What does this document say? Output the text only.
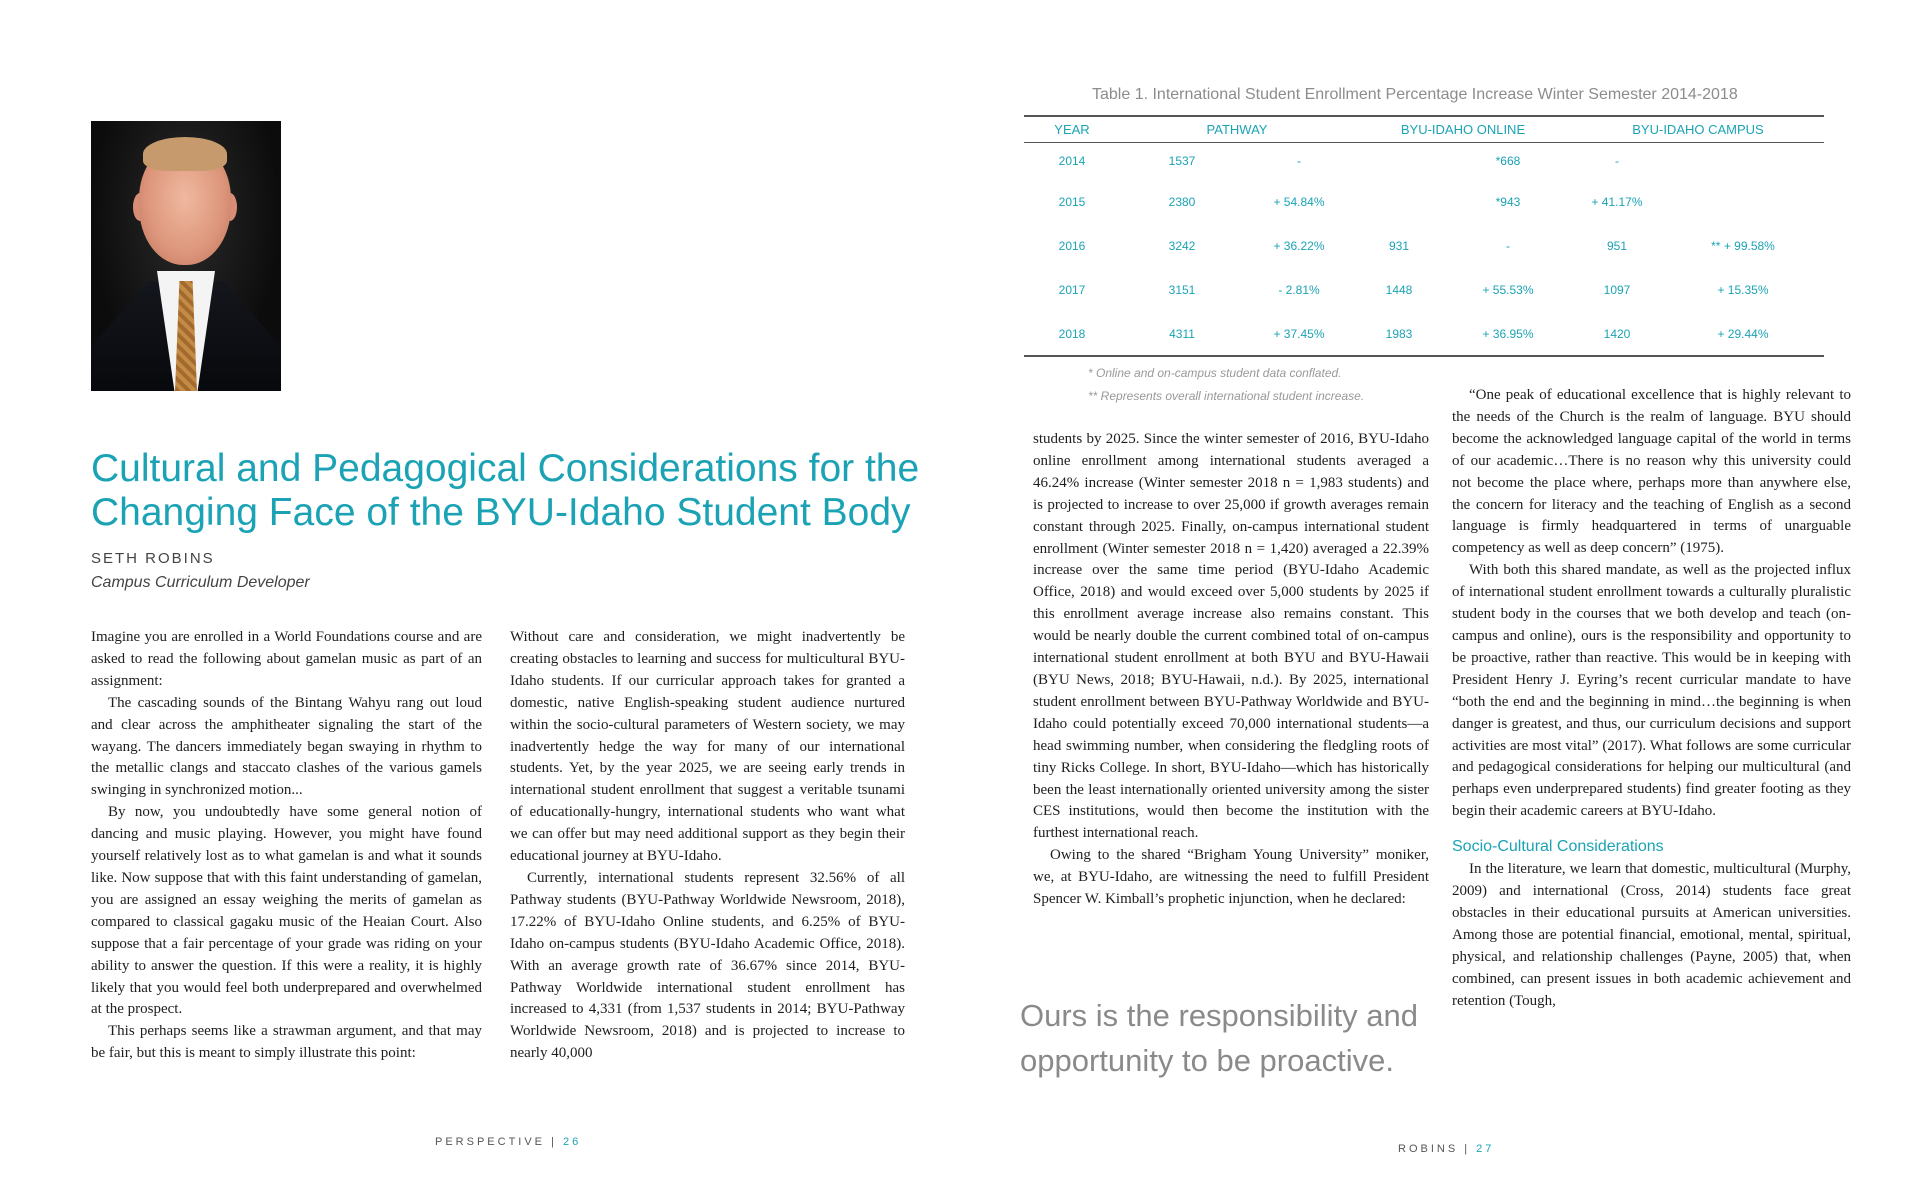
Cultural and Pedagogical Considerations for the Changing Face of the BYU-Idaho Student Body
SETH ROBINS
Campus Curriculum Developer

Imagine you are enrolled in a World Foundations course and are asked to read the following about gamelan music as part of an assignment:

The cascading sounds of the Bintang Wahyu rang out loud and clear across the amphitheater signaling the start of the wayang. The dancers immediately began swaying in rhythm to the metallic clangs and staccato clashes of the various gamels swinging in synchronized motion...

By now, you undoubtedly have some general notion of dancing and music playing. However, you might have found yourself relatively lost as to what gamelan is and what it sounds like. Now suppose that with this faint understanding of gamelan, you are assigned an essay weighing the merits of gamelan as compared to classical gagaku music of the Heaian Court. Also suppose that a fair percentage of your grade was riding on your ability to answer the question. If this were a reality, it is highly likely that you would feel both underprepared and overwhelmed at the prospect.

This perhaps seems like a strawman argument, and that may be fair, but this is meant to simply illustrate this point:

Without care and consideration, we might inadvertently be creating obstacles to learning and success for multicultural BYU-Idaho students. If our curricular approach takes for granted a domestic, native English-speaking student audience nurtured within the socio-cultural parameters of Western society, we may inadvertently hedge the way for many of our international students. Yet, by the year 2025, we are seeing early trends in international student enrollment that suggest a veritable tsunami of educationally-hungry, international students who want what we can offer but may need additional support as they begin their educational journey at BYU-Idaho.

Currently, international students represent 32.56% of all Pathway students (BYU-Pathway Worldwide Newsroom, 2018), 17.22% of BYU-Idaho Online students, and 6.25% of BYU-Idaho on-campus students (BYU-Idaho Academic Office, 2018). With an average growth rate of 36.67% since 2014, BYU-Pathway Worldwide international student enrollment has increased to 4,331 (from 1,537 students in 2014; BYU-Pathway Worldwide Newsroom, 2018) and is projected to increase to nearly 40,000

PERSPECTIVE | 26
Table 1. International Student Enrollment Percentage Increase Winter Semester 2014-2018
YEAR	PATHWAY		BYU-IDAHO ONLINE		BYU-IDAHO CAMPUS	
2014	1537	-		*668	-	
2015	2380	+ 54.84%		*943	+ 41.17%	
2016	3242	+ 36.22%	931	-	951	** + 99.58%
2017	3151	- 2.81%	1448	+ 55.53%	1097	+ 15.35%
2018	4311	+ 37.45%	1983	+ 36.95%	1420	+ 29.44%
* Online and on-campus student data conflated.
** Represents overall international student increase.

students by 2025. Since the winter semester of 2016, BYU-Idaho online enrollment among international students averaged a 46.24% increase (Winter semester 2018 n = 1,983 students) and is projected to increase to over 25,000 if growth averages remain constant through 2025. Finally, on-campus international student enrollment (Winter semester 2018 n = 1,420) averaged a 22.39% increase over the same time period (BYU-Idaho Academic Office, 2018) and would exceed over 5,000 students by 2025 if this enrollment average increase also remains constant. This would be nearly double the current combined total of on-campus international student enrollment at both BYU and BYU-Hawaii (BYU News, 2018; BYU-Hawaii, n.d.). By 2025, international student enrollment between BYU-Pathway Worldwide and BYU-Idaho could potentially exceed 70,000 international students—a head swimming number, when considering the fledgling roots of tiny Ricks College. In short, BYU-Idaho—which has historically been the least internationally oriented university among the sister CES institutions, would then become the institution with the furthest international reach.

Owing to the shared “Brigham Young University” moniker, we, at BYU-Idaho, are witnessing the need to fulfill President Spencer W. Kimball’s prophetic injunction, when he declared:

Ours is the responsibility and opportunity to be proactive.

“One peak of educational excellence that is highly relevant to the needs of the Church is the realm of language. BYU should become the acknowledged language capital of the world in terms of our academic…There is no reason why this university could not become the place where, perhaps more than anywhere else, the concern for literacy and the teaching of English as a second language is firmly headquartered in terms of unarguable competency as well as deep concern” (1975).

With both this shared mandate, as well as the projected influx of international student enrollment towards a culturally pluralistic student body in the courses that we both develop and teach (on-campus and online), ours is the responsibility and opportunity to be proactive, rather than reactive. This would be in keeping with President Henry J. Eyring’s recent curricular mandate to have “both the end and the beginning in mind…the beginning is when danger is greatest, and thus, our curriculum decisions and support activities are most vital” (2017). What follows are some curricular and pedagogical considerations for helping our multicultural (and perhaps even underprepared students) find greater footing as they begin their academic careers at BYU-Idaho.

Socio-Cultural Considerations

In the literature, we learn that domestic, multicultural (Murphy, 2009) and international (Cross, 2014) students face great obstacles in their educational pursuits at American universities. Among those are potential financial, emotional, mental, spiritual, physical, and relationship challenges (Payne, 2005) that, when combined, can present issues in both academic achievement and retention (Tough,

ROBINS | 27
